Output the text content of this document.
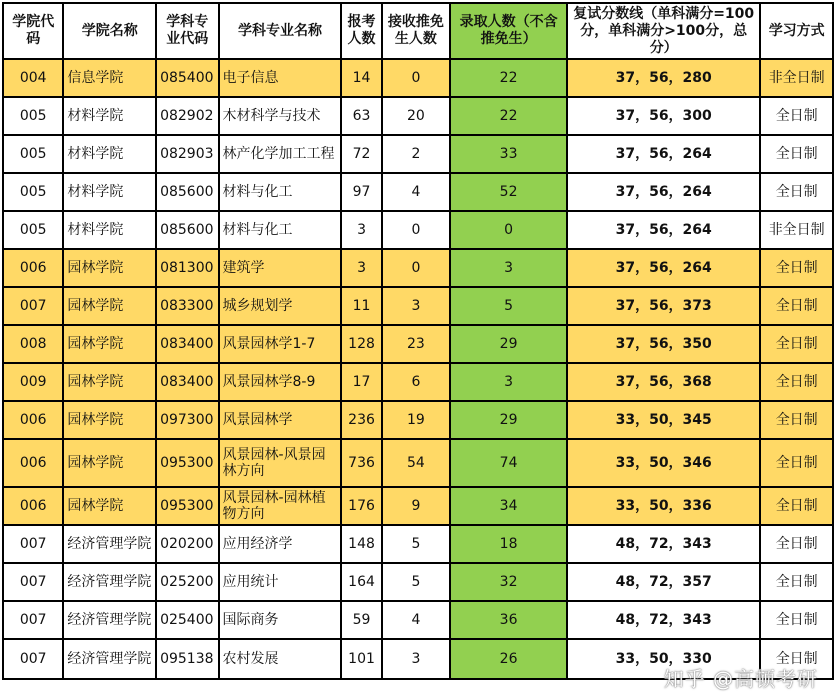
学院代码	学院名称	学科专业代码	学科专业名称	报考人数	接收推免生人数	录取人数（不含推免生）	复试分数线（单科满分=100分，单科满分>100分，总分）	学习方式
004	信息学院	085400	电子信息	14	0	22	37，56，280	非全日制
005	材料学院	082902	木材科学与技术	63	20	22	37，56，300	全日制
005	材料学院	082903	林产化学加工工程	72	2	33	37，56，264	全日制
005	材料学院	085600	材料与化工	97	4	52	37，56，264	全日制
005	材料学院	085600	材料与化工	3	0	0	37，56，264	非全日制
006	园林学院	081300	建筑学	3	0	3	37，56，264	全日制
007	园林学院	083300	城乡规划学	11	3	5	37，56，373	全日制
008	园林学院	083400	风景园林学1-7	128	23	29	37，56，350	全日制
009	园林学院	083400	风景园林学8-9	17	6	3	37，56，368	全日制
006	园林学院	097300	风景园林学	236	19	29	33，50，345	全日制
006	园林学院	095300	风景园林-风景园林方向	736	54	74	33，50，346	全日制
006	园林学院	095300	风景园林-园林植物方向	176	9	34	33，50，336	全日制
007	经济管理学院	020200	应用经济学	148	5	18	48，72，343	全日制
007	经济管理学院	025200	应用统计	164	5	32	48，72，357	全日制
007	经济管理学院	025400	国际商务	59	4	36	48，72，343	全日制
007	经济管理学院	095138	农村发展	101	3	26	33，50，330	全日制
知乎 @高顿考研
